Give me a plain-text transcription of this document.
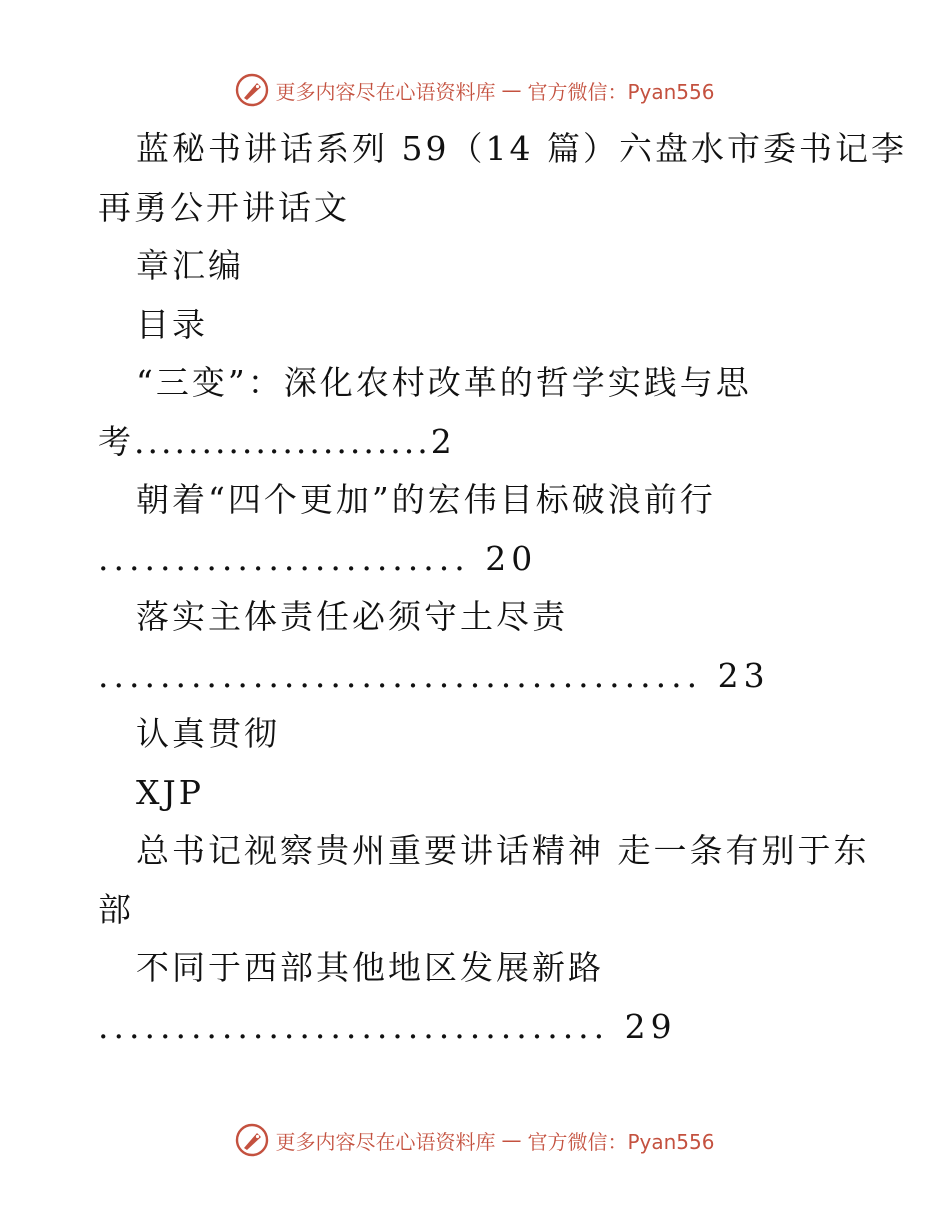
更多内容尽在心语资料库 — 官方微信：Pyan556
蓝秘书讲话系列 59（14 篇）六盘水市委书记李
再勇公开讲话文
章汇编
目录
“三变”：深化农村改革的哲学实践与思
考......................2
朝着“四个更加”的宏伟目标破浪前行
........................ 20
落实主体责任必须守土尽责
....................................... 23
认真贯彻
XJP
总书记视察贵州重要讲话精神 走一条有别于东
部
不同于西部其他地区发展新路
................................. 29
更多内容尽在心语资料库 — 官方微信：Pyan556
